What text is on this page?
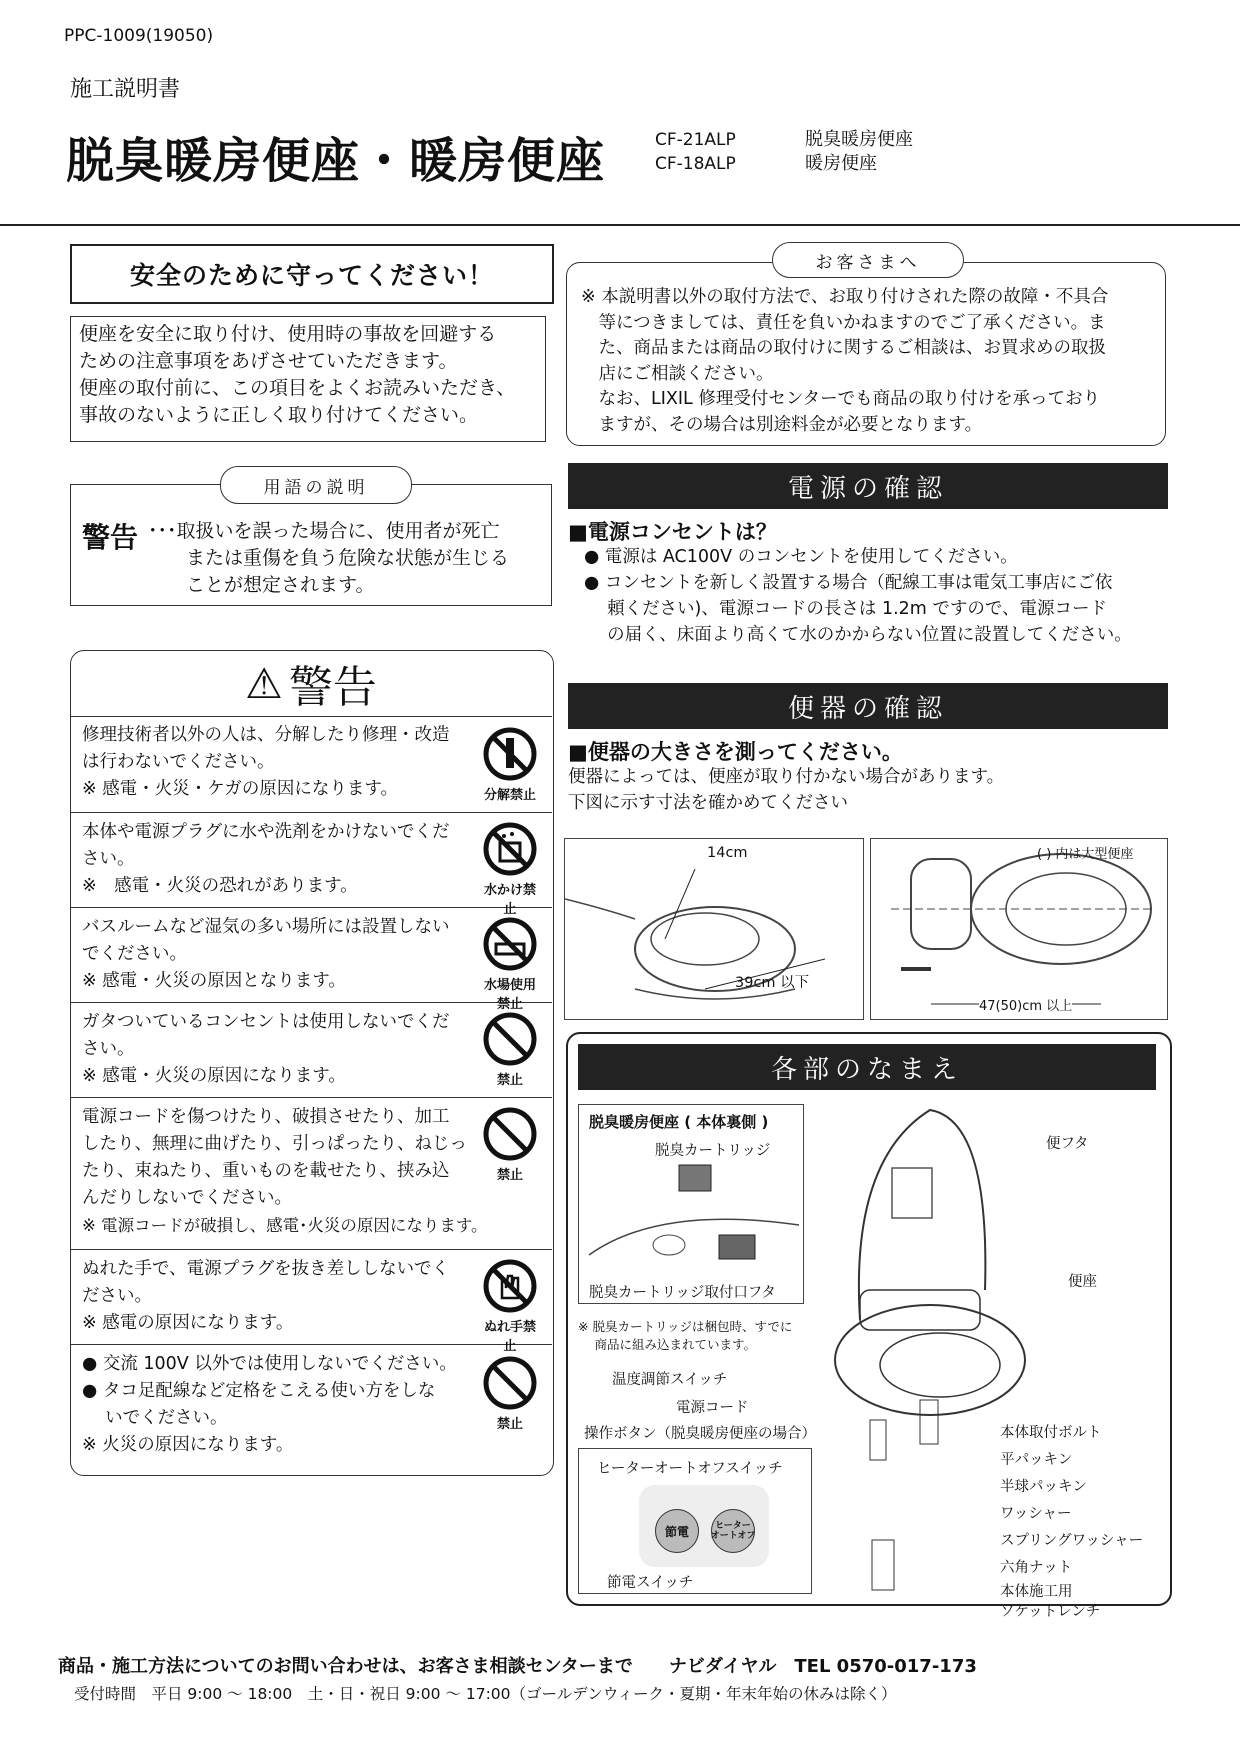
PPC-1009(19050)
施工説明書
脱臭暖房便座・暖房便座	CF-21ALP
CF-18ALP
脱臭暖房便座
暖房便座
安全のために守ってください！
便座を安全に取り付け、使用時の事故を回避する
ための注意事項をあげさせていただきます。
便座の取付前に、この項目をよくお読みいただき、
事故のないように正しく取り付けてください。
※ 本説明書以外の取付方法で、お取り付けされた際の故障・不具合
　等につきましては、責任を負いかねますのでご了承ください。ま
　た、商品または商品の取付けに関するご相談は、お買求めの取扱
　店にご相談ください。
　なお、LIXIL 修理受付センターでも商品の取り付けを承っており
　ますが、その場合は別途料金が必要となります。
お客さまへ
用語の説明
警告 ･･･取扱いを誤った場合に、使用者が死亡
　　または重傷を負う危険な状態が生じる
　　ことが想定されます。
⚠ 警告
修理技術者以外の人は、分解したり修理・改造
は行わないでください。
※ 感電・火災・ケガの原因になります。	分解禁止
本体や電源プラグに水や洗剤をかけないでくだ
さい。
※　感電・火災の恐れがあります。	水かけ禁止
バスルームなど湿気の多い場所には設置しない
でください。
※ 感電・火災の原因となります。	水場使用禁止
ガタついているコンセントは使用しないでくだ
さい。
※ 感電・火災の原因になります。	禁止
電源コードを傷つけたり、破損させたり、加工
したり、無理に曲げたり、引っぱったり、ねじっ
たり、束ねたり、重いものを載せたり、挟み込
んだりしないでください。
※ 電源コードが破損し、感電･火災の原因になります。
禁止
ぬれた手で、電源プラグを抜き差ししないでく
ださい。
※ 感電の原因になります。	ぬれ手禁止
● 交流 100V 以外では使用しないでください。
● タコ足配線など定格をこえる使い方をしな
　 いでください。
※ 火災の原因になります。
禁止
電源の確認
■電源コンセントは？
● 電源は AC100V のコンセントを使用してください。
● コンセントを新しく設置する場合（配線工事は電気工事店にご依
　 頼ください)、電源コードの長さは 1.2m ですので、電源コード
　 の届く、床面より高くて水のかからない位置に設置してください。
便器の確認
■便器の大きさを測ってください。
便器によっては、便座が取り付かない場合があります。
下図に示す寸法を確かめてください
14cm
39cm 以下
( ) 内は大型便座
47(50)cm 以上
各部のなまえ
脱臭暖房便座 ( 本体裏側 )
脱臭カートリッジ
脱臭カートリッジ取付口フタ
※ 脱臭カートリッジは梱包時、すでに
　 商品に組み込まれています。
温度調節スイッチ
電源コード
操作ボタン（脱臭暖房便座の場合）
ヒーターオートオフスイッチ
節電	ヒーター
オートオフ
節電スイッチ
便フタ
便座
本体取付ボルト
平パッキン
半球パッキン
ワッシャー
スプリングワッシャー
六角ナット
本体施工用
ソケットレンチ
商品・施工方法についてのお問い合わせは、お客さま相談センターまで　　ナビダイヤル　TEL 0570-017-173
受付時間　平日 9:00 ～ 18:00　土・日・祝日 9:00 ～ 17:00（ゴールデンウィーク・夏期・年末年始の休みは除く）
